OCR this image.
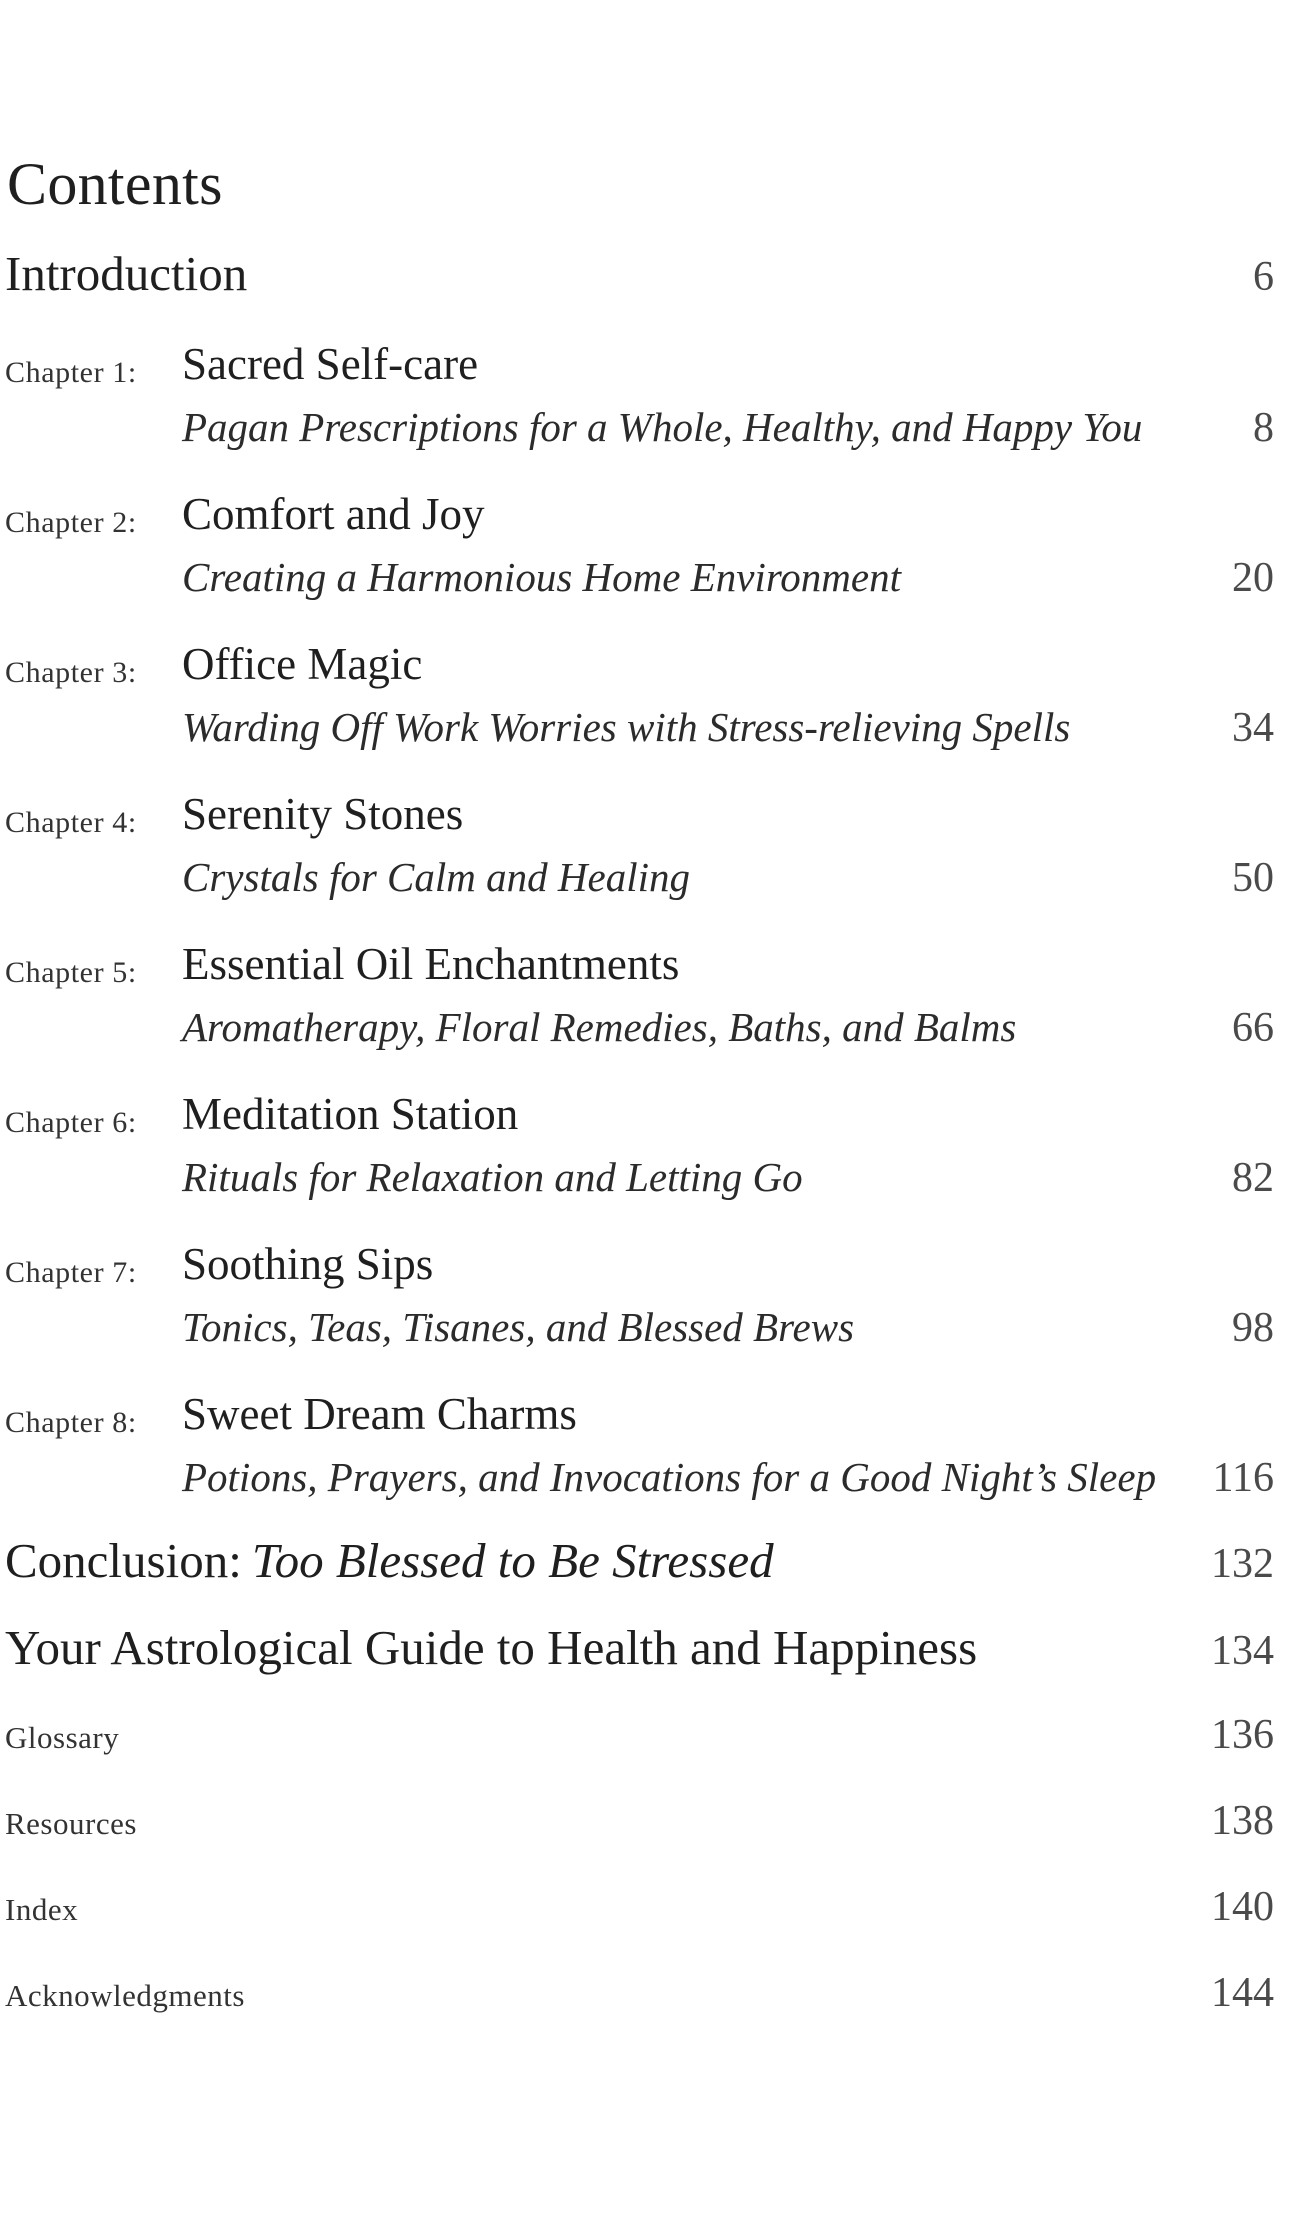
Contents
Introduction	6
Chapter 1: Sacred Self-care
Pagan Prescriptions for a Whole, Healthy, and Happy You	8
Chapter 2: Comfort and Joy
Creating a Harmonious Home Environment	20
Chapter 3: Office Magic
Warding Off Work Worries with Stress-relieving Spells	34
Chapter 4: Serenity Stones
Crystals for Calm and Healing	50
Chapter 5: Essential Oil Enchantments
Aromatherapy, Floral Remedies, Baths, and Balms	66
Chapter 6: Meditation Station
Rituals for Relaxation and Letting Go	82
Chapter 7: Soothing Sips
Tonics, Teas, Tisanes, and Blessed Brews	98
Chapter 8: Sweet Dream Charms
Potions, Prayers, and Invocations for a Good Night’s Sleep 116
Conclusion: Too Blessed to Be Stressed	132
Your Astrological Guide to Health and Happiness	134
Glossary	136
Resources	138
Index	140
Acknowledgments	144
